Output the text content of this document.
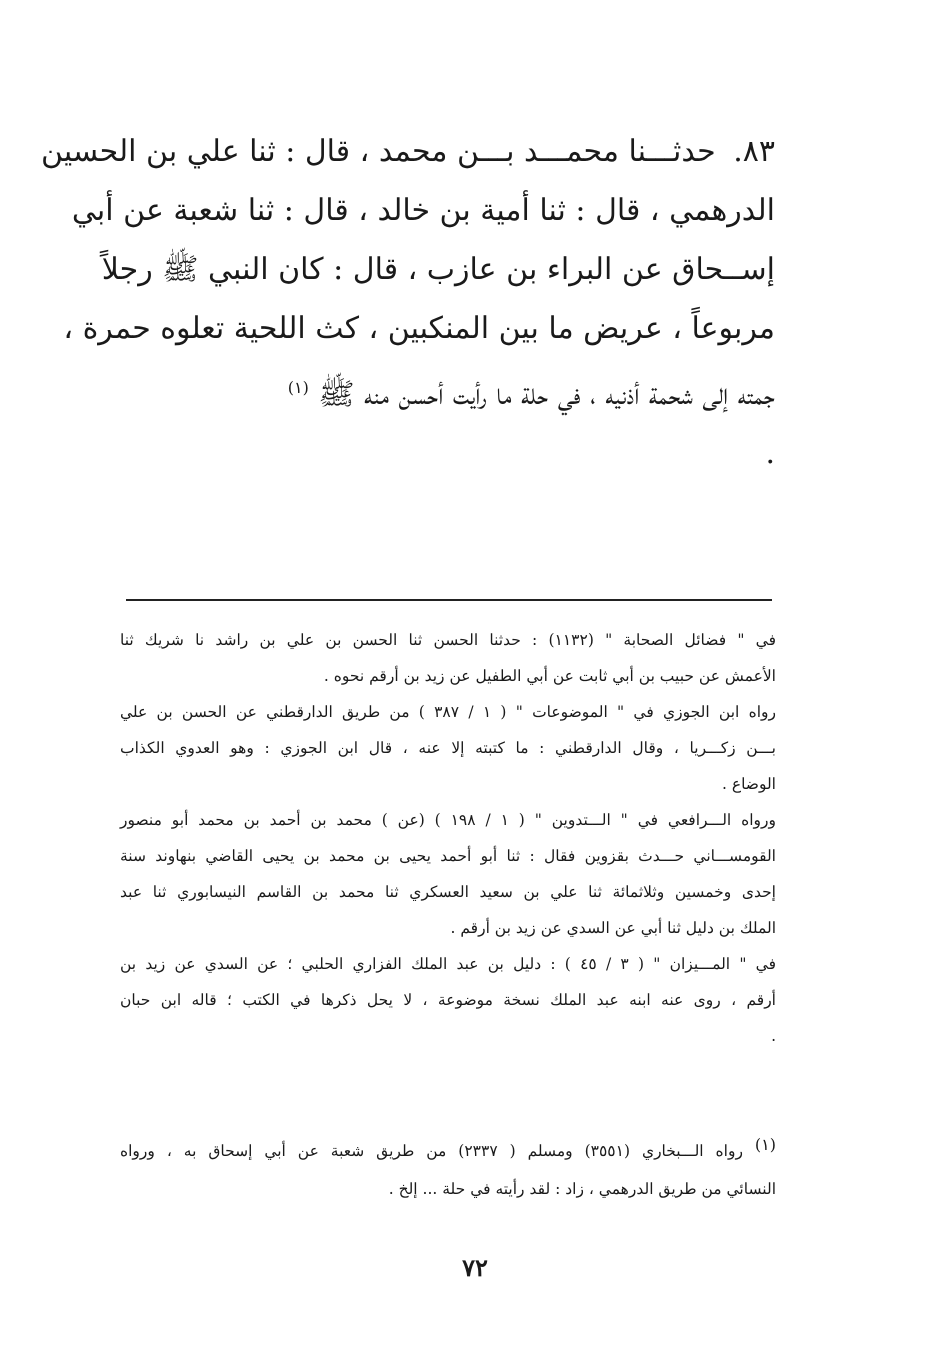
٨٣. حدثـــنا محمـــد بـــن محمد ، قال : ثنا علي بن الحسين
الدرهمي ، قال : ثنا أمية بن خالد ، قال : ثنا شعبة عن أبي
إســحاق عن البراء بن عازب ، قال : كان النبي ﷺ رجلاً
مربوعاً ، عريض ما بين المنكبين ، كث اللحية تعلوه حمرة ،
جمته إلى شحمة أذنيه ، في حلة ما رأيت أحسن منه ﷺ $^{(١)}$
.
في " فضائل الصحابة " (١١٣٢) : حدثنا الحسن ثنا الحسن بن علي بن راشد نا شريك ثنا
الأعمش عن حبيب بن أبي ثابت عن أبي الطفيل عن زيد بن أرقم نحوه .
رواه ابن الجوزي في " الموضوعات " ( ١ / ٣٨٧ ) من طريق الدارقطني عن الحسن بن علي
بـــن زكـــريا ، وقال الدارقطني : ما كتبته إلا عنه ، قال ابن الجوزي : وهو العدوي الكذاب
الوضاع .
ورواه الـــرافعي في " الـــتدوين " ( ١ / ١٩٨ ) (عن ) محمد بن أحمد بن محمد أبو منصور
القومســـاني حـــدث بقزوين فقال : ثنا أبو أحمد يحيى بن محمد بن يحيى القاضي بنهاوند سنة
إحدى وخمسين وثلاثمائة ثنا علي بن سعيد العسكري ثنا محمد بن القاسم النيسابوري ثنا عبد
الملك بن دليل ثنا أبي عن السدي عن زيد بن أرقم .
في " المـــيزان " ( ٣ / ٤٥ ) : دليل بن عبد الملك الفزاري الحلبي ؛ عن السدي عن زيد بن
أرقم ، روى عنه ابنه عبد الملك نسخة موضوعة ، لا يحل ذكرها في الكتب ؛ قاله ابن حبان
.
$^{(١)}$ رواه الـــبخاري (٣٥٥١) ومسلم ( ٢٣٣٧) من طريق شعبة عن أبي إسحاق به ، ورواه
النسائي من طريق الدرهمي ، زاد : لقد رأيته في حلة ... إلخ .
٧٢
